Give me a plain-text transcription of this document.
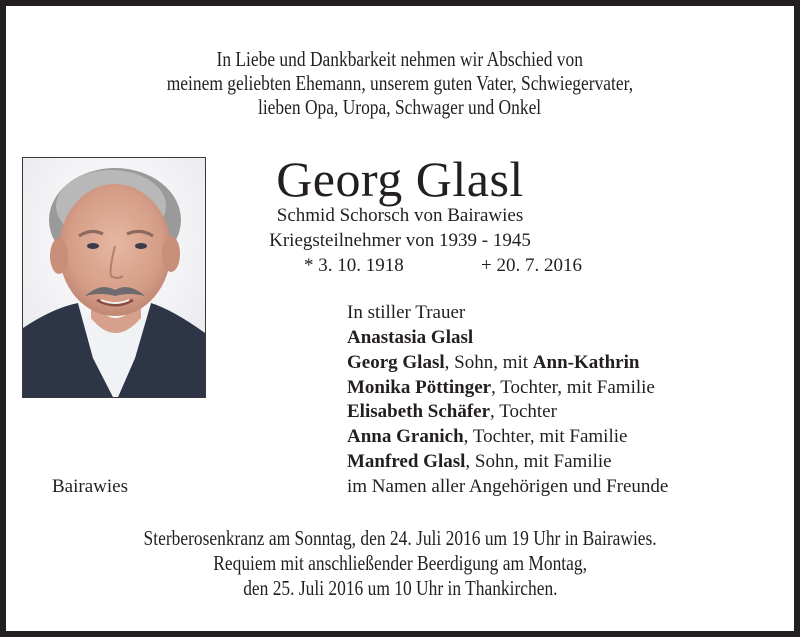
In Liebe und Dankbarkeit nehmen wir Abschied von
meinem geliebten Ehemann, unserem guten Vater, Schwiegervater,
lieben Opa, Uropa, Schwager und Onkel
Georg Glasl
Schmid Schorsch von Bairawies
Kriegsteilnehmer von 1939 - 1945
* 3. 10. 1918	+ 20. 7. 2016
In stiller Trauer
Anastasia Glasl
Georg Glasl, Sohn, mit Ann-Kathrin
Monika Pöttinger, Tochter, mit Familie
Elisabeth Schäfer, Tochter
Anna Granich, Tochter, mit Familie
Manfred Glasl, Sohn, mit Familie
im Namen aller Angehörigen und Freunde
Bairawies
Sterberosenkranz am Sonntag, den 24. Juli 2016 um 19 Uhr in Bairawies.
Requiem mit anschließender Beerdigung am Montag,
den 25. Juli 2016 um 10 Uhr in Thankirchen.
